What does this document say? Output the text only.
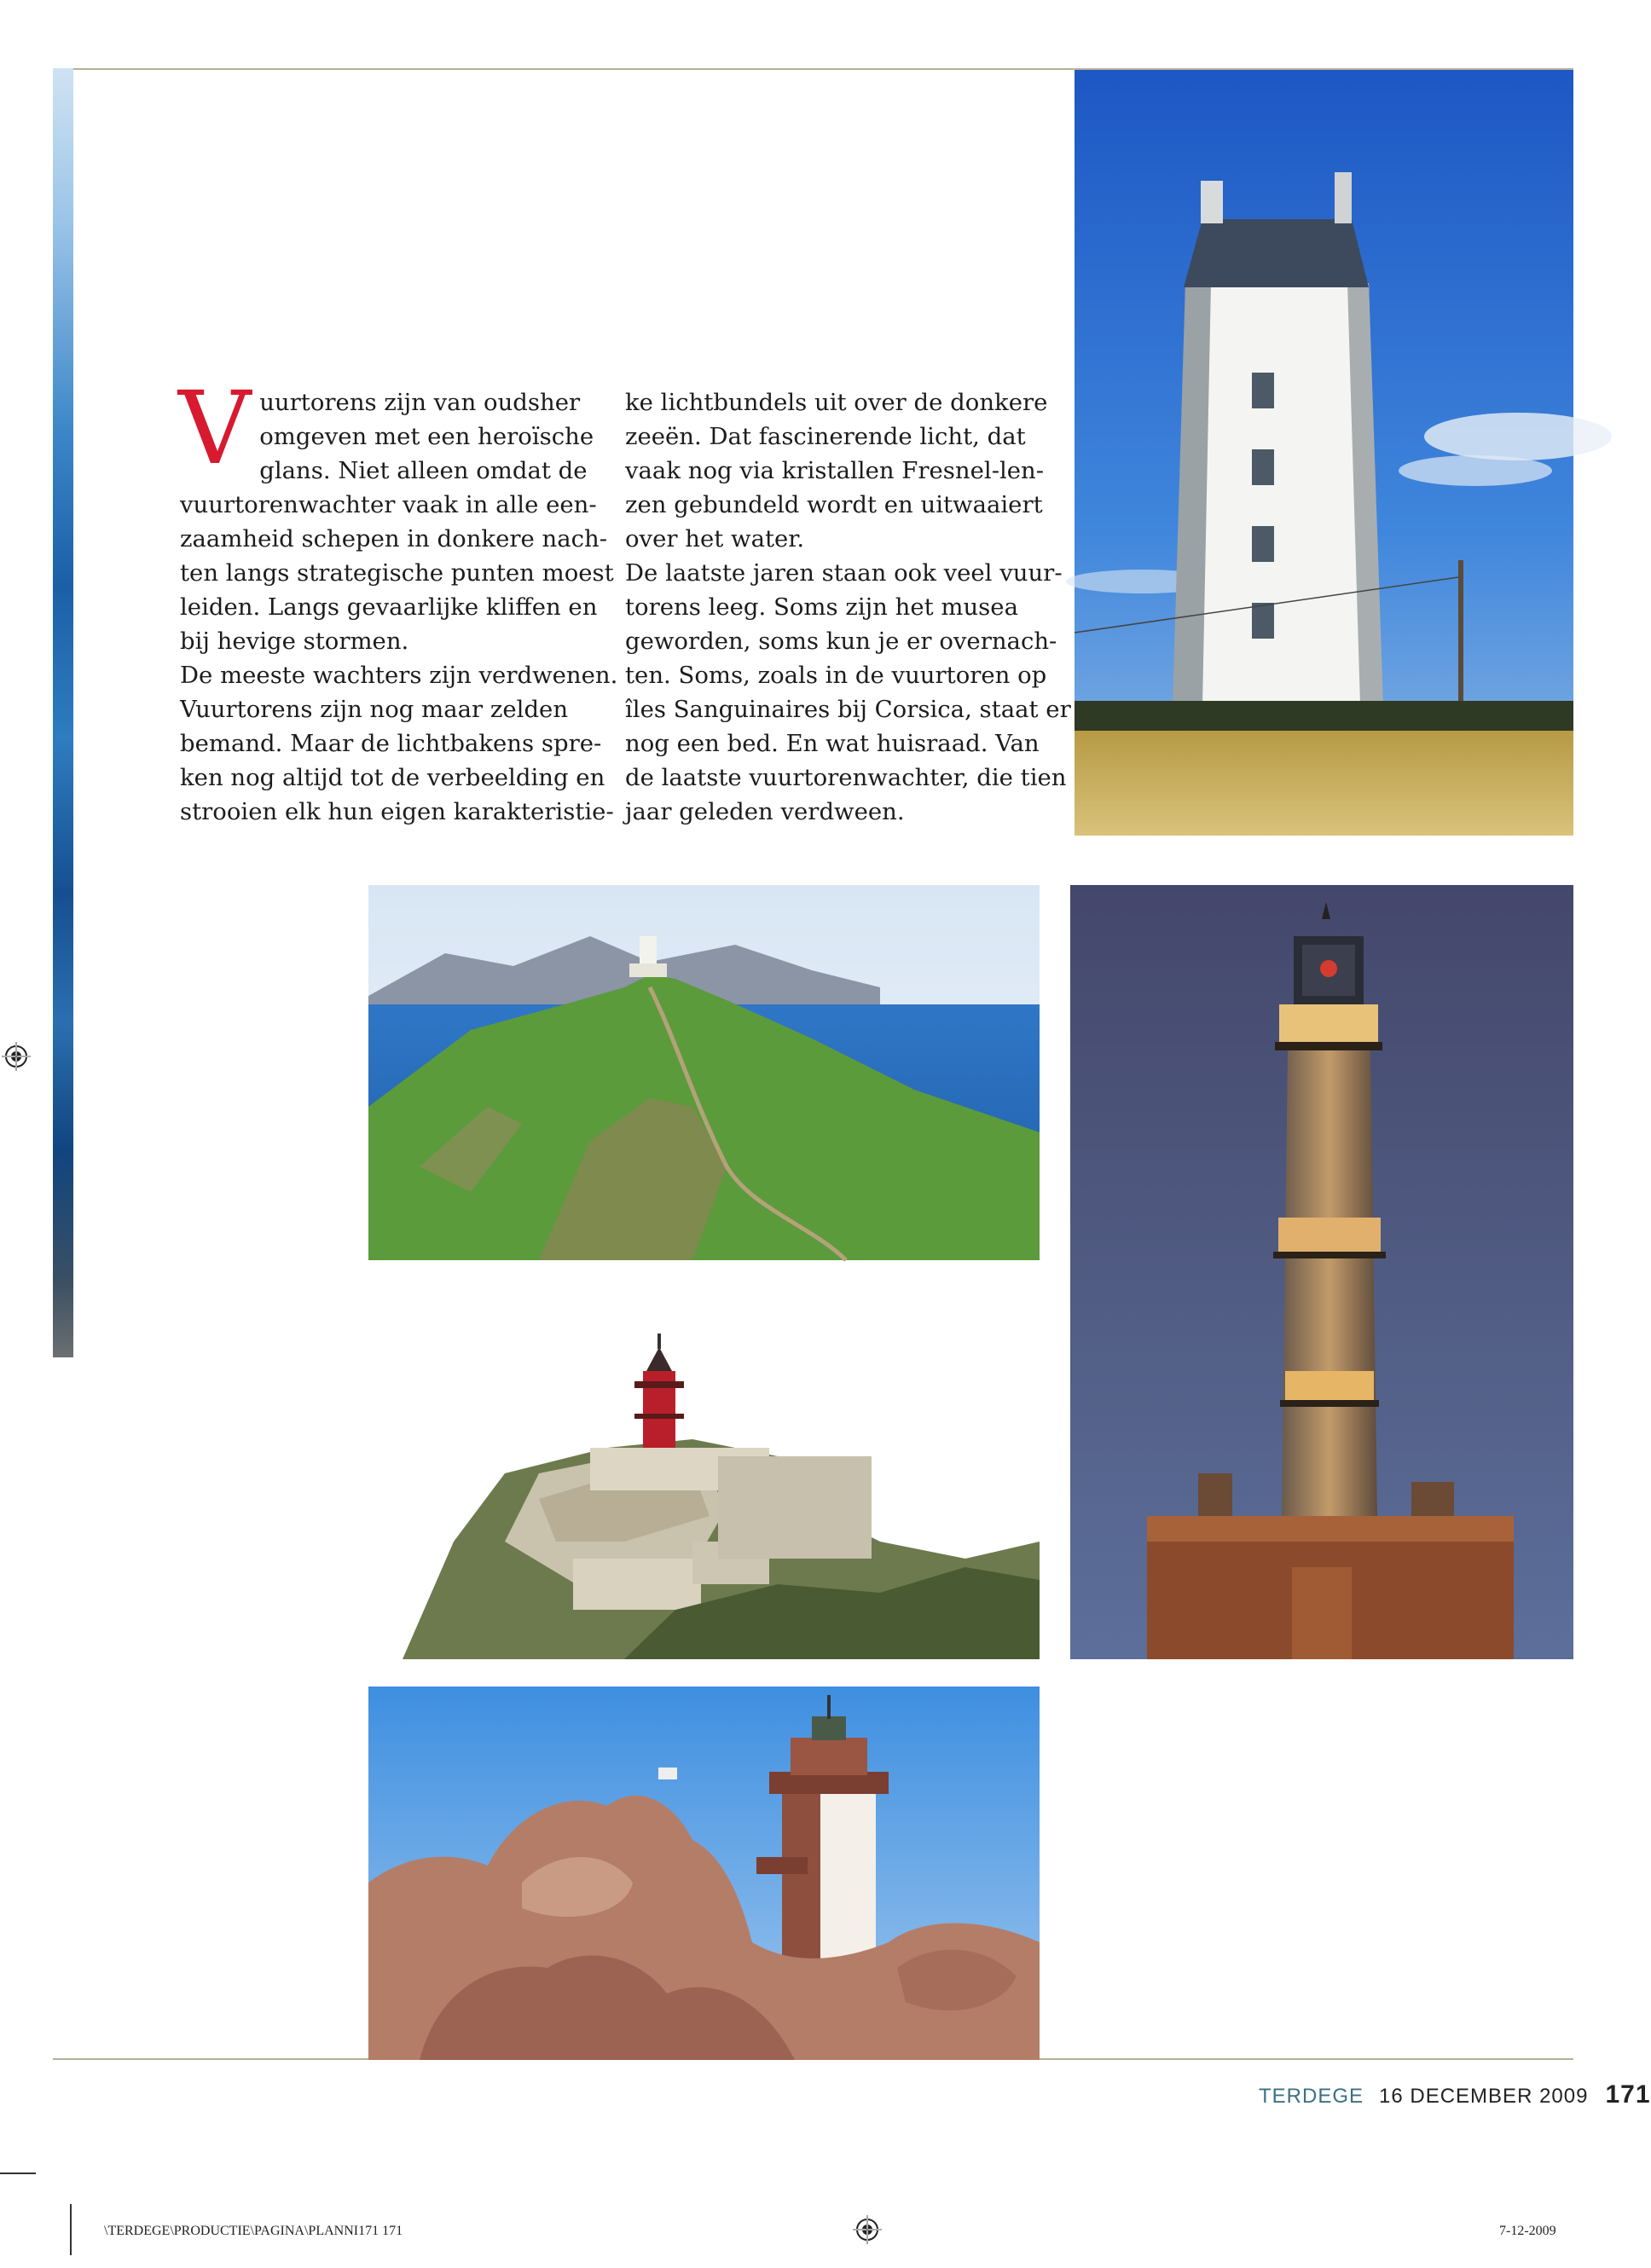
V uurtorens zijn van oudsher
omgeven met een heroïsche
glans. Niet alleen omdat de
vuurtorenwachter vaak in alle een-
zaamheid schepen in donkere nach-
ten langs strategische punten moest
leiden. Langs gevaarlijke kliffen en
bij hevige stormen.
De meeste wachters zijn verdwenen.
Vuurtorens zijn nog maar zelden
bemand. Maar de lichtbakens spre-
ken nog altijd tot de verbeelding en
strooien elk hun eigen karakteristie-
ke lichtbundels uit over de donkere
zeeën. Dat fascinerende licht, dat
vaak nog via kristallen Fresnel-len-
zen gebundeld wordt en uitwaaiert
over het water.
De laatste jaren staan ook veel vuur-
torens leeg. Soms zijn het musea
geworden, soms kun je er overnach-
ten. Soms, zoals in de vuurtoren op
îles Sanguinaires bij Corsica, staat er
nog een bed. En wat huisraad. Van
de laatste vuurtorenwachter, die tien
jaar geleden verdween.
TERDEGE 16 DECEMBER 2009 171
\TERDEGE\PRODUCTIE\PAGINA\PLANNI171 171	7-12-2009
